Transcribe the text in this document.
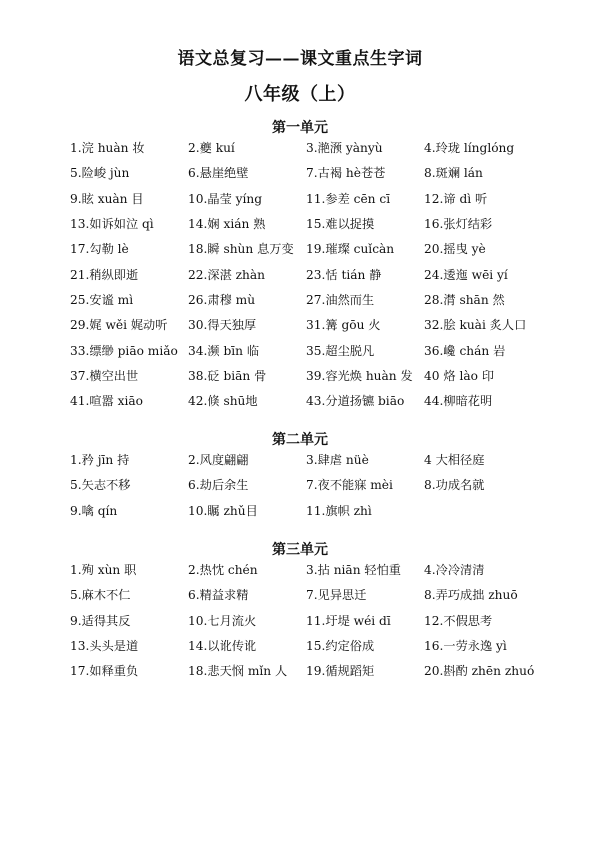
语文总复习——课文重点生字词
八年级（上）
第一单元
1.浣 huàn 妆	2.夔 kuí	3.滟滪 yànyù	4.玲珑 línglóng
5.险峻 jùn	6.悬崖绝壁	7.古褐 hè苍苍	8.斑斓 lán
9.眩 xuàn 目	10.晶莹 yíng	11.参差 cēn cī	12.谛 dì 听
13.如诉如泣 qì	14.娴 xián 熟	15.难以捉摸	16.张灯结彩
17.勾勒 lè	18.瞬 shùn 息万变	19.璀璨 cuǐcàn	20.摇曳 yè
21.稍纵即逝	22.深湛 zhàn	23.恬 tián 静	24.逶迤 wēi yí
25.安谧 mì	26.肃穆 mù	27.油然而生	28.潸 shān 然
29.娓 wěi 娓动听	30.得天独厚	31.篝 gōu 火	32.脍 kuài 炙人口
33.缥缈 piāo miǎo 34.濒 bīn 临	35.超尘脱凡	36.巉 chán 岩
37.横空出世	38.砭 biān 骨	39.容光焕 huàn 发 40 烙 lào 印
41.喧嚣 xiāo	42.倏 shū地	43.分道扬镳 biāo	44.柳暗花明
第二单元
1.矜 jīn 持	2.风度翩翩	3.肆虐 nüè	4 大相径庭
5.矢志不移	6.劫后余生	7.夜不能寐 mèi	8.功成名就
9.噙 qín	10.瞩 zhǔ目	11.旗帜 zhì
第三单元
1.殉 xùn 职	2.热忱 chén	3.拈 niān 轻怕重	4.冷冷清清
5.麻木不仁	6.精益求精	7.见异思迁	8.弄巧成拙 zhuō
9.适得其反	10.七月流火	11.圩堤 wéi dī	12.不假思考
13.头头是道	14.以讹传讹	15.约定俗成	16.一劳永逸 yì
17.如释重负	18.悲天悯 mǐn 人	19.循规蹈矩	20.斟酌 zhēn zhuó
